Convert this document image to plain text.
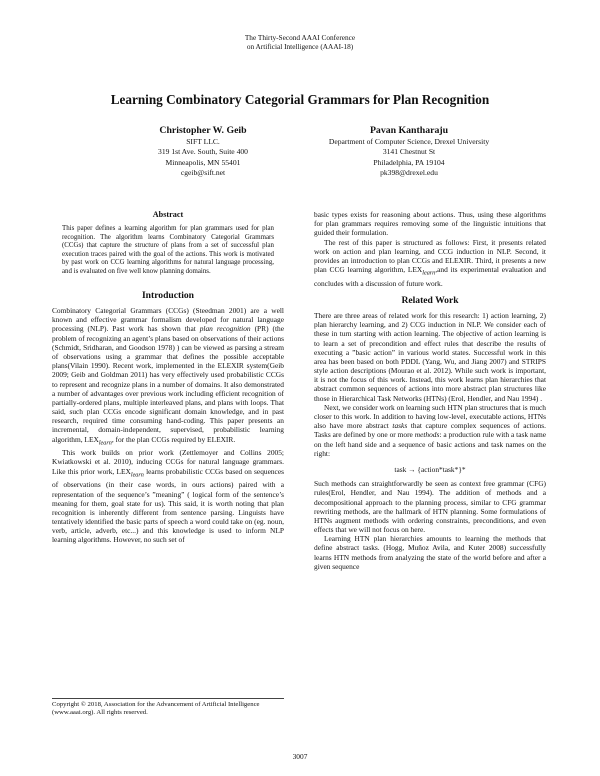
The Thirty-Second AAAI Conference
on Artificial Intelligence (AAAI-18)
Learning Combinatory Categorial Grammars for Plan Recognition
Christopher W. Geib
SIFT LLC.
319 1st Ave. South, Suite 400
Minneapolis, MN 55401
cgeib@sift.net
Pavan Kantharaju
Department of Computer Science, Drexel University
3141 Chestnut St
Philadelphia, PA 19104
pk398@drexel.edu
Abstract
This paper defines a learning algorithm for plan grammars used for plan recognition. The algorithm learns Combinatory Categorial Grammars (CCGs) that capture the structure of plans from a set of successful plan execution traces paired with the goal of the actions. This work is motivated by past work on CCG learning algorithms for natural language processing, and is evaluated on five well know planning domains.
Introduction

Combinatory Categorial Grammars (CCGs) (Steedman 2001) are a well known and effective grammar formalism developed for natural language processing (NLP). Past work has shown that plan recognition (PR) (the problem of recognizing an agent’s plans based on observations of their actions (Schmidt, Sridharan, and Goodson 1978) ) can be viewed as parsing a stream of observations using a grammar that defines the possible acceptable plans(Vilain 1990). Recent work, implemented in the ELEXIR system(Geib 2009; Geib and Goldman 2011) has very effectively used probabilistic CCGs to represent and recognize plans in a number of domains. It also demonstrated a number of advantages over previous work including efficient recognition of partially-ordered plans, multiple interleaved plans, and plans with loops. That said, such plan CCGs encode significant domain knowledge, and in past research, required time consuming hand-coding. This paper presents an incremental, domain-independent, supervised, probabilistic learning algorithm, $LEX_{learn}$, for the plan CCGs required by ELEXIR.

This work builds on prior work (Zettlemoyer and Collins 2005; Kwiatkowski et al. 2010), inducing CCGs for natural language grammars. Like this prior work, $LEX_{learn}$ learns probabilistic CCGs based on sequences of observations (in their case words, in ours actions) paired with a representation of the sequence’s ”meaning” ( logical form of the sentence’s meaning for them, goal state for us). This said, it is worth noting that plan recognition is inherently different from sentence parsing. Linguists have tentatively identified the basic parts of speech a word could take on (eg. noun, verb, article, adverb, etc...) and this knowledge is used to inform NLP learning algorithms. However, no such set of

basic types exists for reasoning about actions. Thus, using these algorithms for plan grammars requires removing some of the linguistic intuitions that guided their formulation.

The rest of this paper is structured as follows: First, it presents related work on action and plan learning, and CCG induction in NLP. Second, it provides an introduction to plan CCGs and ELEXIR. Third, it presents a new plan CCG learning algorithm, $LEX_{learn},and$ its experimental evaluation and concludes with a discussion of future work.

Related Work

There are three areas of related work for this research: 1) action learning, 2) plan hierarchy learning, and 2) CCG induction in NLP. We consider each of these in turn starting with action learning. The objective of action learning is to learn a set of precondition and effect rules that describe the results of executing a ”basic action” in various world states. Successful work in this area has been based on both PDDL (Yang, Wu, and Jiang 2007) and STRIPS style action descriptions (Mourao et al. 2012). While such work is important, it is not the focus of this work. Instead, this work learns plan hierarchies that abstract common sequences of actions into more abstract plan structures like those in Hierarchical Task Networks (HTNs) (Erol, Hendler, and Nau 1994) .

Next, we consider work on learning such HTN plan structures that is much closer to this work. In addition to having low-level, executable actions, HTNs also have more abstract tasks that capture complex sequences of actions. Tasks are defined by one or more methods: a production rule with a task name on the left hand side and a sequence of basic actions and task names on the right:

task → {action*task*}*

Such methods can straightforwardly be seen as context free grammar (CFG) rules(Erol, Hendler, and Nau 1994). The addition of methods and a decompositional approach to the planning process, similar to CFG grammar rewriting methods, are the hallmark of HTN planning. Some formulations of HTNs augment methods with ordering constraints, preconditions, and even effects that we will not focus on here.

Learning HTN plan hierarchies amounts to learning the methods that define abstract tasks. (Hogg, Muñoz Avila, and Kuter 2008) successfully learns HTN methods from analyzing the state of the world before and after a given sequence

Copyright © 2018, Association for the Advancement of Artificial Intelligence (www.aaai.org). All rights reserved.
3007
